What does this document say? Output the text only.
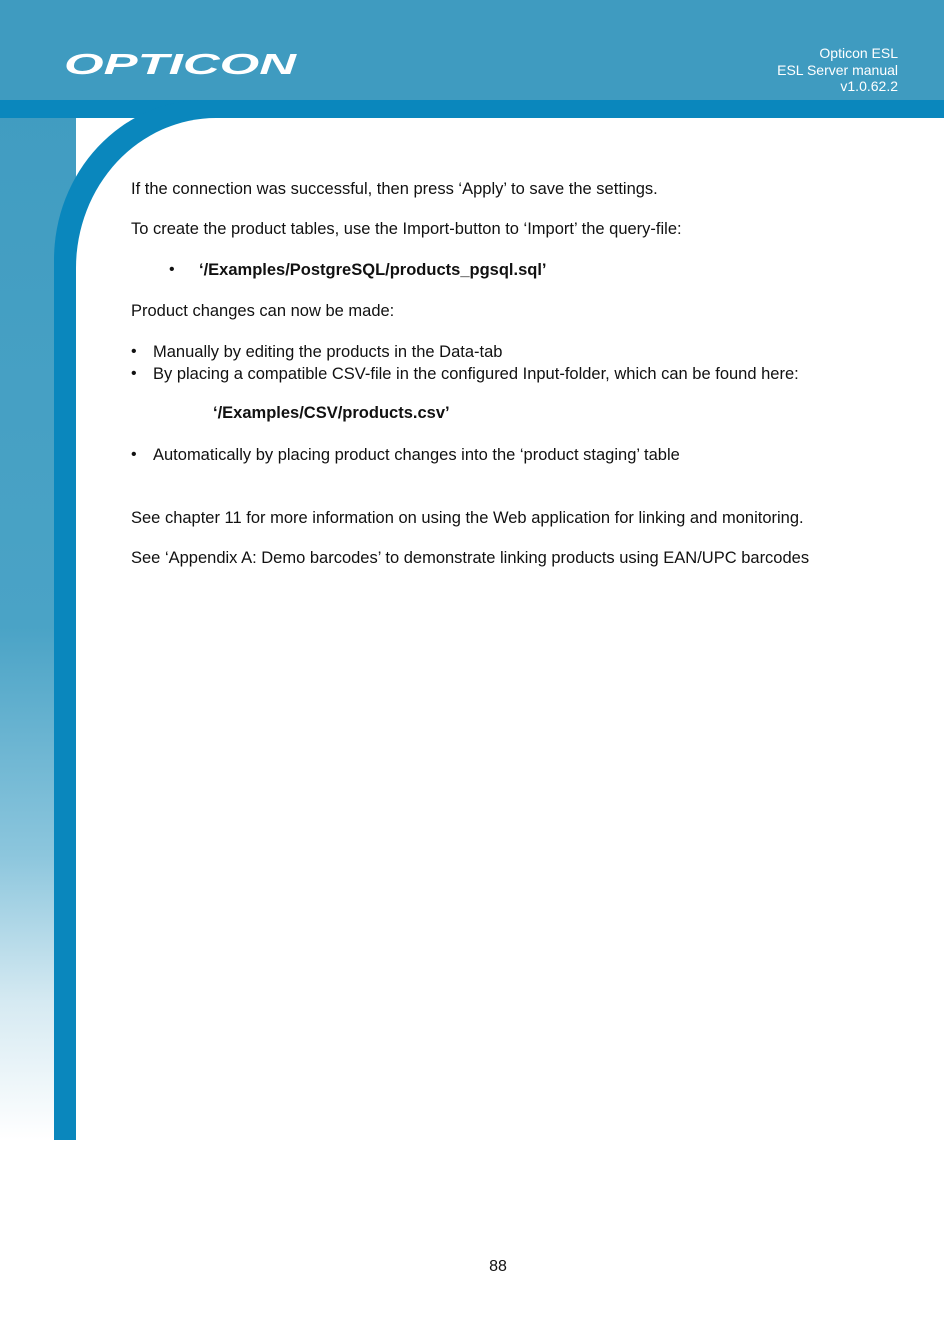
OPTICON	Opticon ESL
ESL Server manual
v1.0.62.2

If the connection was successful, then press ‘Apply’ to save the settings.

To create the product tables, use the Import-button to ‘Import’ the query-file:

•	‘/Examples/PostgreSQL/products_pgsql.sql’

Product changes can now be made:

• Manually by editing the products in the Data-tab
• By placing a compatible CSV-file in the configured Input-folder, which can be found here:
‘/Examples/CSV/products.csv’
• Automatically by placing product changes into the ‘product staging’ table

See chapter 11 for more information on using the Web application for linking and monitoring.

See ‘Appendix A: Demo barcodes’ to demonstrate linking products using EAN/UPC barcodes

88
